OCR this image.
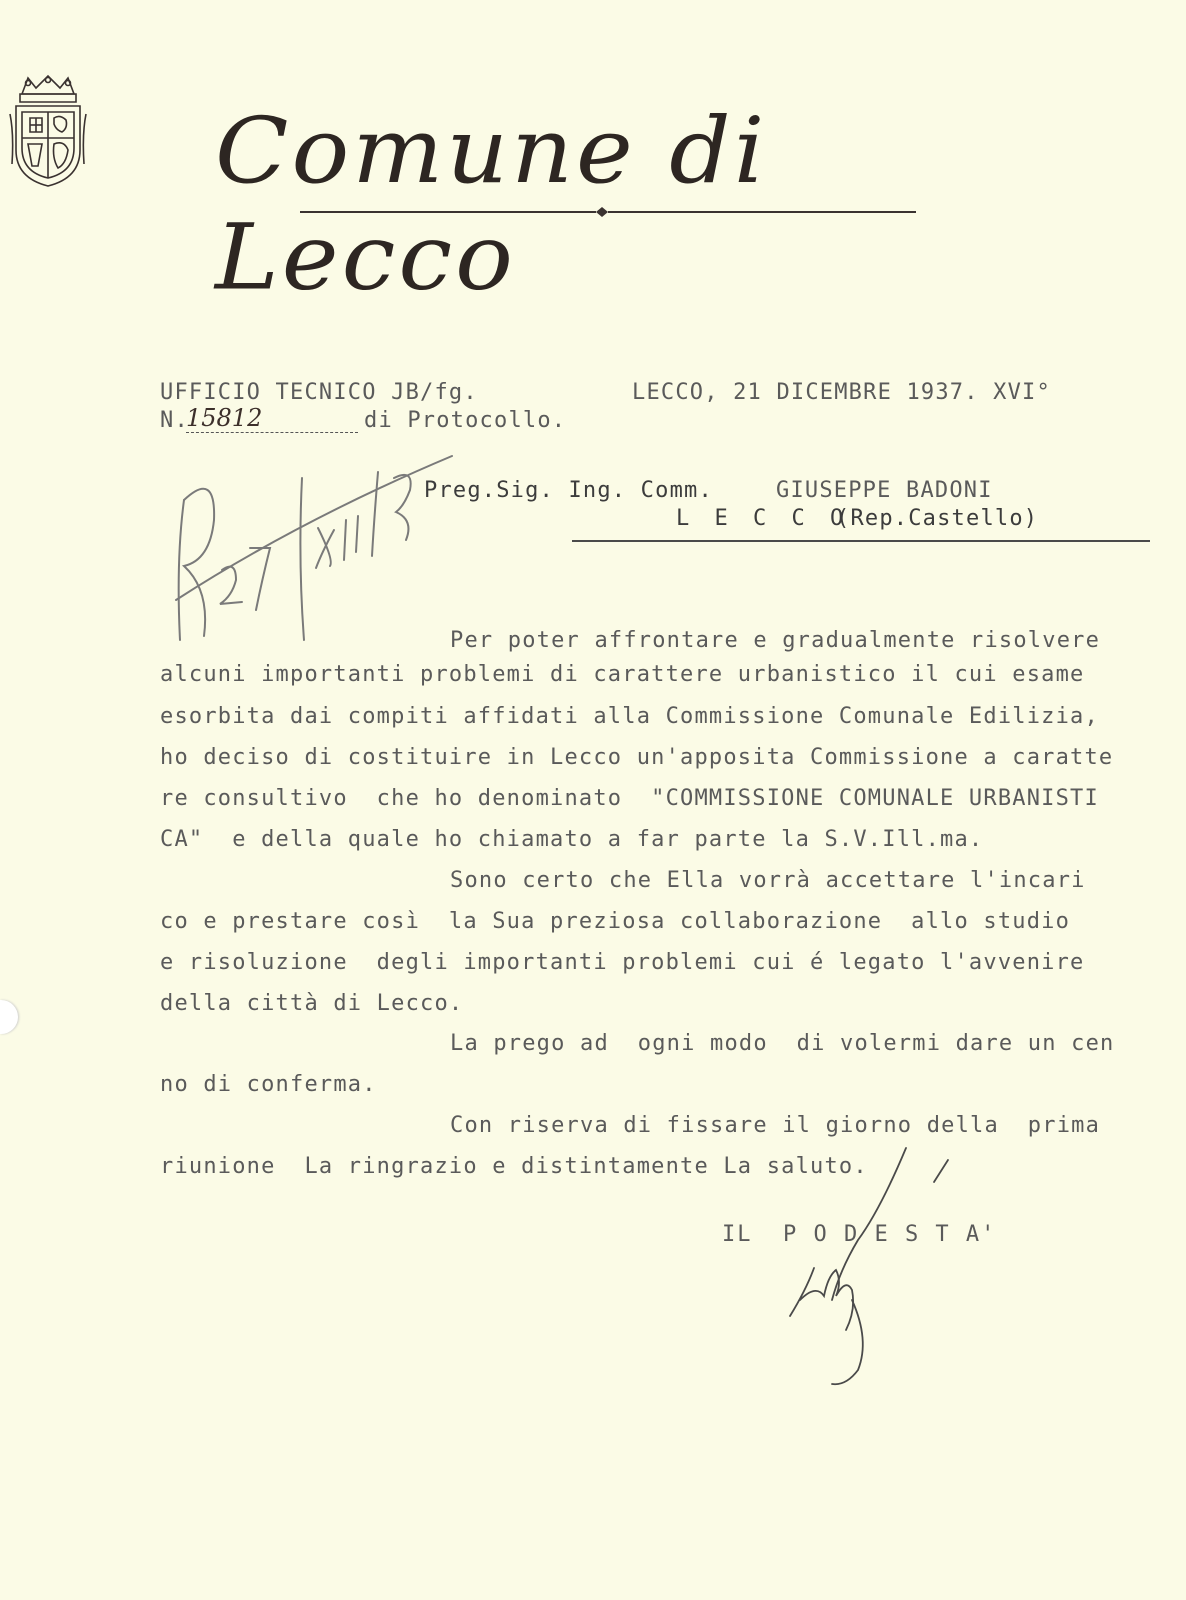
Comune di Lecco
UFFICIO TECNICO JB/fg.	LECCO, 21 DICEMBRE 1937. XVI°
N.
15812	di Protocollo.
Preg.Sig. Ing. Comm.	GIUSEPPE BADONI
L E C C O
(Rep.Castello)
Per poter affrontare e gradualmente risolvere
alcuni importanti problemi di carattere urbanistico il cui esame
esorbita dai compiti affidati alla Commissione Comunale Edilizia,
ho deciso di costituire in Lecco un'apposita Commissione a caratte
re consultivo  che ho denominato  "COMMISSIONE COMUNALE URBANISTI
CA"  e della quale ho chiamato a far parte la S.V.Ill.ma.
Sono certo che Ella vorrà accettare l'incari
co e prestare così  la Sua preziosa collaborazione  allo studio
e risoluzione  degli importanti problemi cui é legato l'avvenire
della città di Lecco.
La prego ad  ogni modo  di volermi dare un cen
no di conferma.
Con riserva di fissare il giorno della  prima
riunione  La ringrazio e distintamente La saluto.
IL  P O D E S T A'
